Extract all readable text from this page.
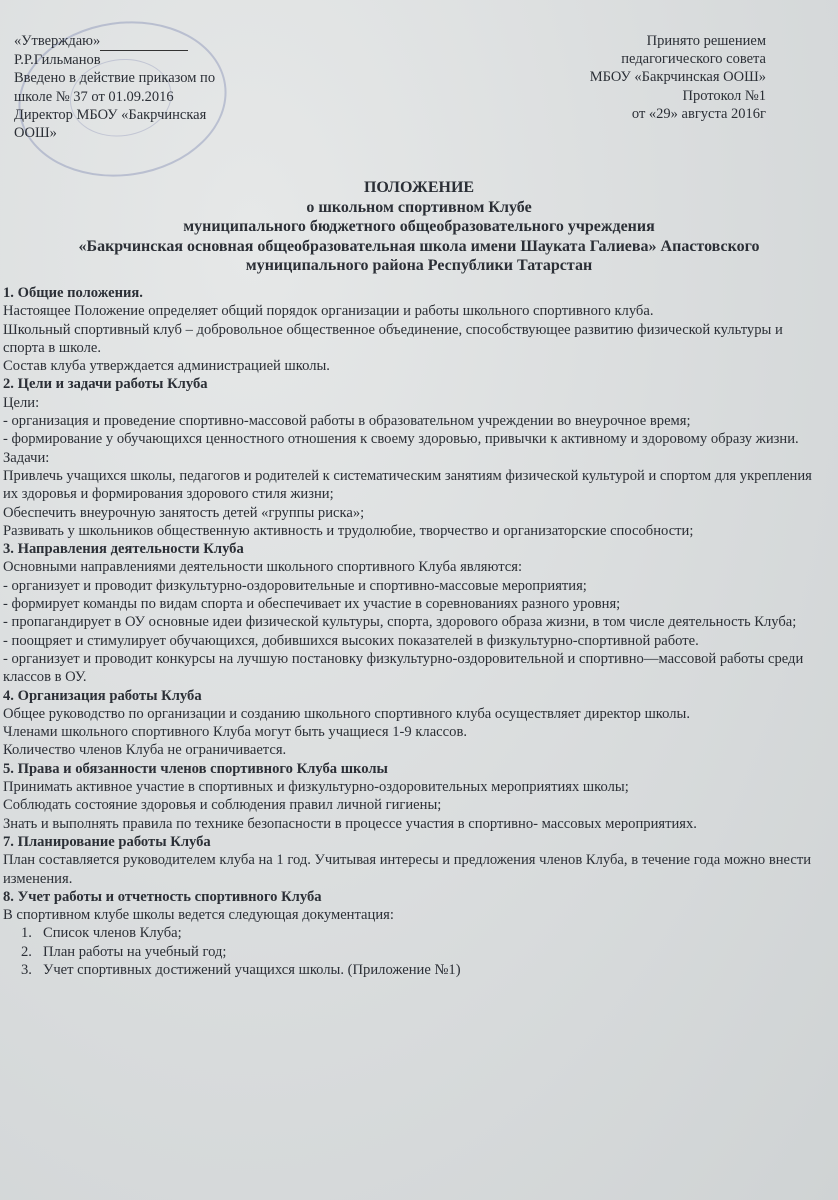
«Утверждаю» Р.Р.Гильманов
Введено в действие приказом по
школе № 37 от 01.09.2016
Директор МБОУ «Бакрчинская
ООШ»
Принято решением
педагогического совета
МБОУ «Бакрчинская ООШ»
Протокол №1
от «29» августа 2016г
ПОЛОЖЕНИЕ
о школьном спортивном Клубе
муниципального бюджетного общеобразовательного учреждения
«Бакрчинская основная общеобразовательная школа имени Шауката Галиева» Апастовского
муниципального района Республики Татарстан

1. Общие положения.

Настоящее Положение определяет общий порядок организации и работы школьного спортивного клуба.

Школьный спортивный клуб – добровольное общественное объединение, способствующее развитию физической культуры и спорта в школе.

Состав клуба утверждается администрацией школы.

2. Цели и задачи работы Клуба

Цели:

- организация и проведение спортивно-массовой работы в образовательном учреждении во внеурочное время;

- формирование у обучающихся ценностного отношения к своему здоровью, привычки к активному и здоровому образу жизни.

Задачи:

Привлечь учащихся школы, педагогов и родителей к систематическим занятиям физической культурой и спортом для укрепления их здоровья и формирования здорового стиля жизни;

Обеспечить внеурочную занятость детей «группы риска»;

Развивать у школьников общественную активность и трудолюбие, творчество и организаторские способности;

3. Направления деятельности Клуба

Основными направлениями деятельности школьного спортивного Клуба являются:

- организует и проводит физкультурно-оздоровительные и спортивно-массовые мероприятия;

- формирует команды по видам спорта и обеспечивает их участие в соревнованиях разного уровня;

- пропагандирует в ОУ основные идеи физической культуры, спорта, здорового образа жизни, в том числе деятельность Клуба;

- поощряет и стимулирует обучающихся, добившихся высоких показателей в физкультурно-спортивной работе.

- организует и проводит конкурсы на лучшую постановку физкультурно-оздоровительной и спортивно—массовой работы среди классов в ОУ.

4. Организация работы Клуба

Общее руководство по организации и созданию школьного спортивного клуба осуществляет директор школы.

Членами школьного спортивного Клуба могут быть учащиеся 1-9 классов.

Количество членов Клуба не ограничивается.

5. Права и обязанности членов спортивного Клуба школы

Принимать активное участие в спортивных и физкультурно-оздоровительных мероприятиях школы;

Соблюдать состояние здоровья и соблюдения правил личной гигиены;

Знать и выполнять правила по технике безопасности в процессе участия в спортивно- массовых мероприятиях.

7. Планирование работы Клуба

План составляется руководителем клуба на 1 год. Учитывая интересы и предложения членов Клуба, в течение года можно внести изменения.

8. Учет работы и отчетность спортивного Клуба

В спортивном клубе школы ведется следующая документация:

1. Список членов Клуба;
2. План работы на учебный год;
3. Учет спортивных достижений учащихся школы. (Приложение №1)
